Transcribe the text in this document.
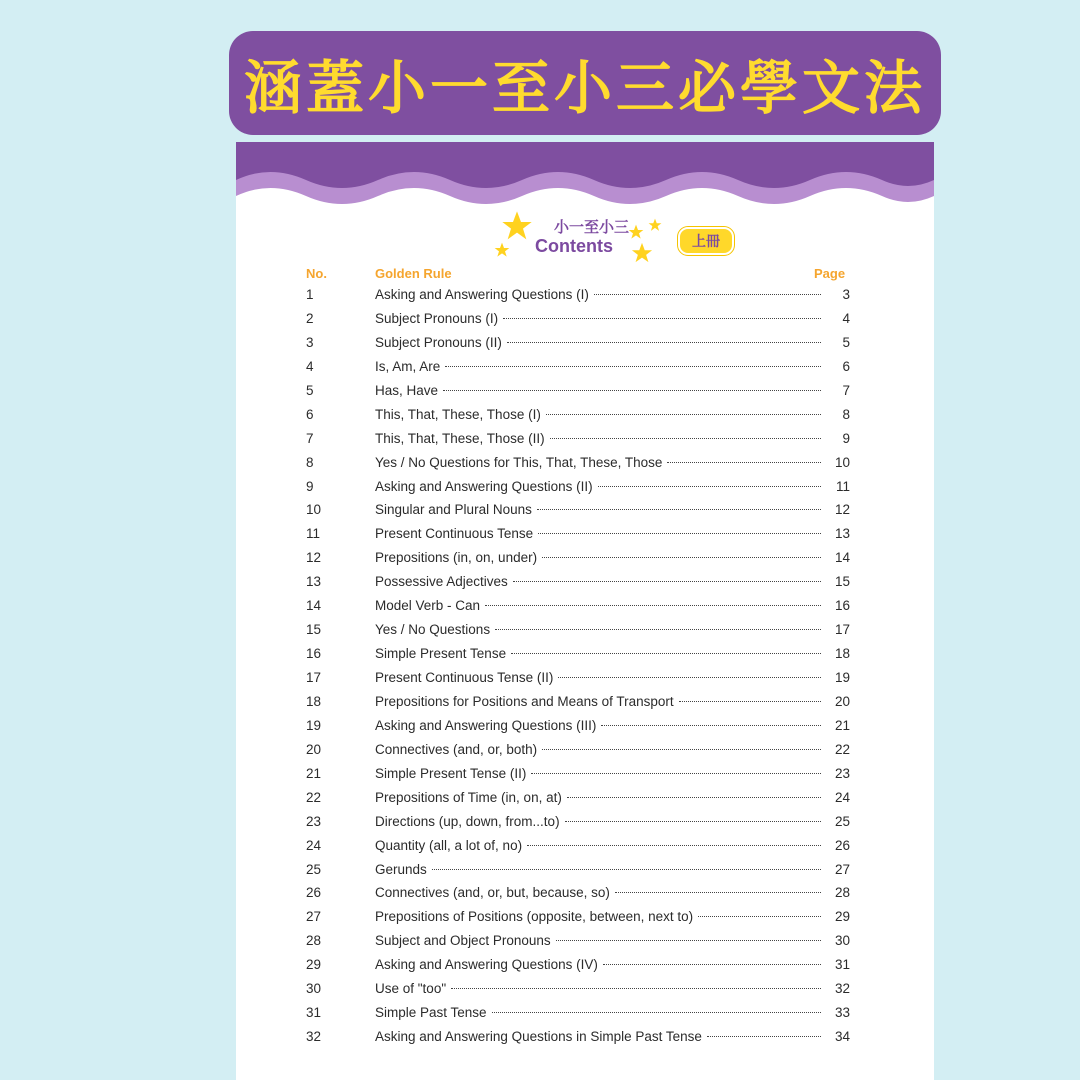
涵蓋小一至小三必學文法
小一至小三
Contents	上冊
No.	Golden Rule	Page
1	Asking and Answering Questions (I)	3
2	Subject Pronouns (I)	4
3	Subject Pronouns (II)	5
4	Is, Am, Are	6
5	Has, Have	7
6	This, That, These, Those (I)	8
7	This, That, These, Those (II)	9
8	Yes / No Questions for This, That, These, Those	10
9	Asking and Answering Questions (II)	11
10	Singular and Plural Nouns	12
11	Present Continuous Tense	13
12	Prepositions (in, on, under)	14
13	Possessive Adjectives	15
14	Model Verb - Can	16
15	Yes / No Questions	17
16	Simple Present Tense	18
17	Present Continuous Tense (II)	19
18	Prepositions for Positions and Means of Transport	20
19	Asking and Answering Questions (III)	21
20	Connectives (and, or, both)	22
21	Simple Present Tense (II)	23
22	Prepositions of Time (in, on, at)	24
23	Directions (up, down, from...to)	25
24	Quantity (all, a lot of, no)	26
25	Gerunds	27
26	Connectives (and, or, but, because, so)	28
27	Prepositions of Positions (opposite, between, next to)	29
28	Subject and Object Pronouns	30
29	Asking and Answering Questions (IV)	31
30	Use of "too"	32
31	Simple Past Tense	33
32	Asking and Answering Questions in Simple Past Tense	34
